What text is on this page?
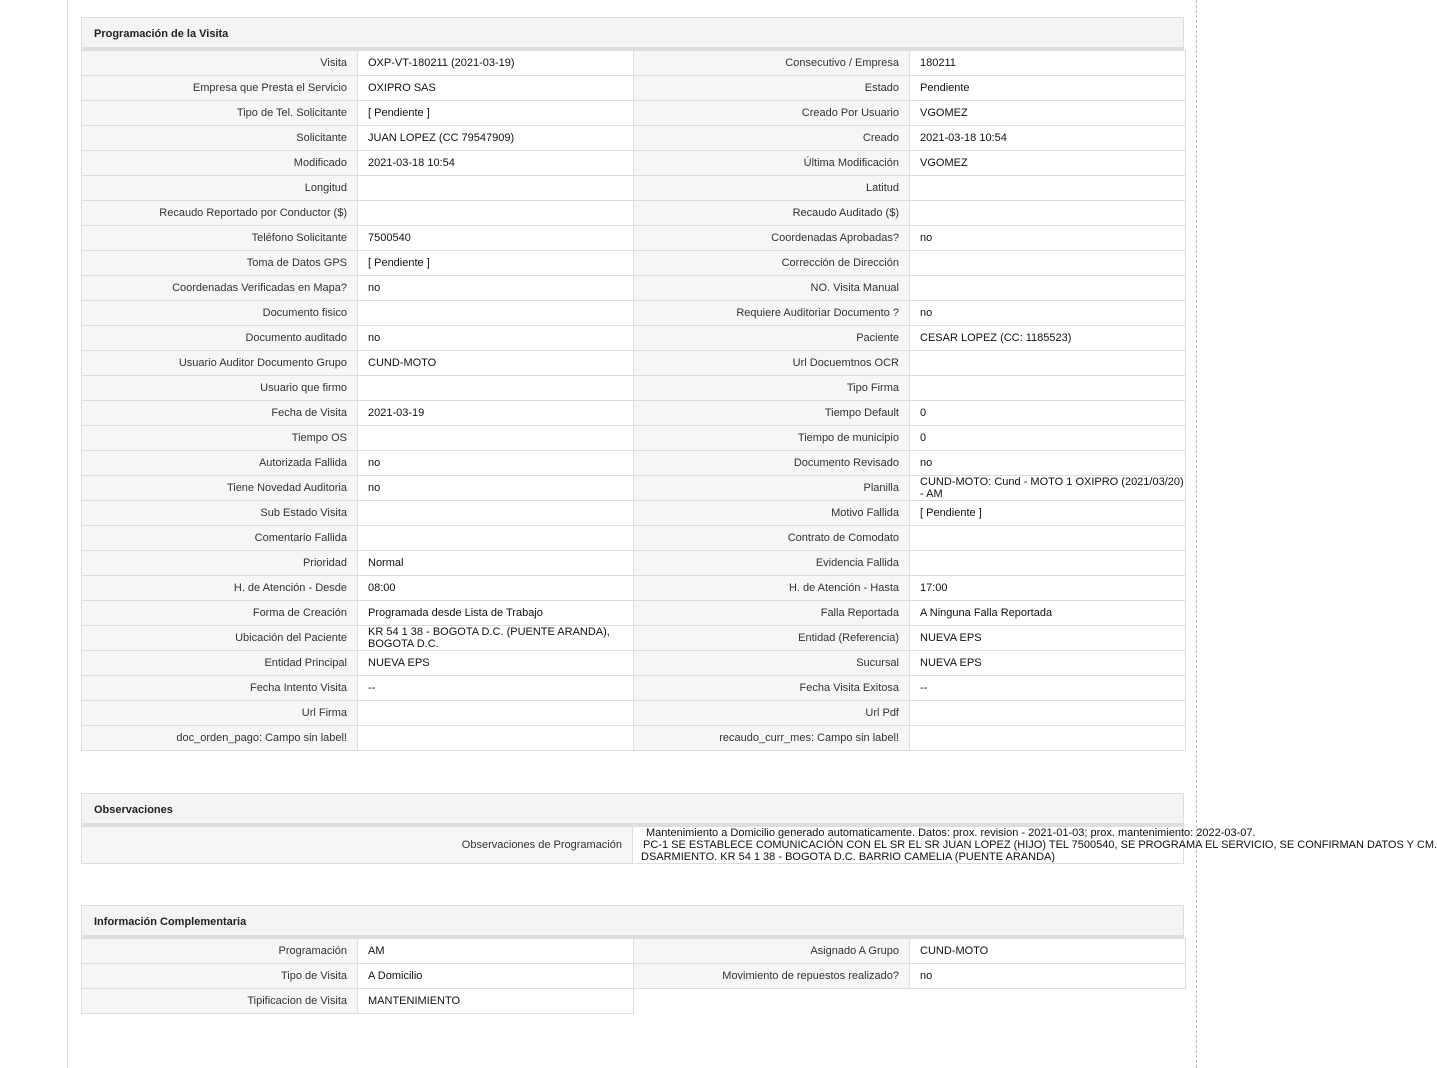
Programación de la Visita
Visita	OXP-VT-180211 (2021-03-19)	Consecutivo / Empresa	180211
Empresa que Presta el Servicio	OXIPRO SAS	Estado	Pendiente
Tipo de Tel. Solicitante	[ Pendiente ]	Creado Por Usuario	VGOMEZ
Solicitante	JUAN LOPEZ (CC 79547909)	Creado	2021-03-18 10:54
Modificado	2021-03-18 10:54	Última Modificación	VGOMEZ
Longitud		Latitud	
Recaudo Reportado por Conductor ($)		Recaudo Auditado ($)	
Teléfono Solicitante	7500540	Coordenadas Aprobadas?	no
Toma de Datos GPS	[ Pendiente ]	Corrección de Dirección	
Coordenadas Verificadas en Mapa?	no	NO. Visita Manual	
Documento fisico		Requiere Auditoriar Documento ?	no
Documento auditado	no	Paciente	CESAR LOPEZ (CC: 1185523)
Usuario Auditor Documento Grupo	CUND-MOTO	Url Docuemtnos OCR	
Usuario que firmo		Tipo Firma	
Fecha de Visita	2021-03-19	Tiempo Default	0
Tiempo OS		Tiempo de municipio	0
Autorizada Fallida	no	Documento Revisado	no
Tiene Novedad Auditoria	no	Planilla	CUND-MOTO: Cund - MOTO 1 OXIPRO (2021/03/20) - AM
Sub Estado Visita		Motivo Fallida	[ Pendiente ]
Comentario Fallida		Contrato de Comodato	
Prioridad	Normal	Evidencia Fallida	
H. de Atención - Desde	08:00	H. de Atención - Hasta	17:00
Forma de Creación	Programada desde Lista de Trabajo	Falla Reportada	A Ninguna Falla Reportada
Ubicación del Paciente	KR 54 1 38 - BOGOTA D.C. (PUENTE ARANDA), BOGOTA D.C.	Entidad (Referencia)	NUEVA EPS
Entidad Principal	NUEVA EPS	Sucursal	NUEVA EPS
Fecha Intento Visita	--	Fecha Visita Exitosa	--
Url Firma		Url Pdf	
doc_orden_pago: Campo sin label!		recaudo_curr_mes: Campo sin label!	
Observaciones
Observaciones de Programación	
Mantenimiento a Domicilio generado automaticamente. Datos: prox. revision - 2021-01-03; prox. mantenimiento: 2022-03-07.
PC-1 SE ESTABLECE COMUNICACIÓN CON EL SR EL SR JUAN LOPEZ (HIJO) TEL 7500540, SE PROGRAMA EL SERVICIO, SE CONFIRMAN DATOS Y CM.
DSARMIENTO. KR 54 1 38 - BOGOTA D.C. BARRIO CAMELIA (PUENTE ARANDA)
Información Complementaria
Programación	AM	Asignado A Grupo	CUND-MOTO
Tipo de Visita	A Domicilio	Movimiento de repuestos realizado?	no
Tipificacion de Visita	MANTENIMIENTO		
